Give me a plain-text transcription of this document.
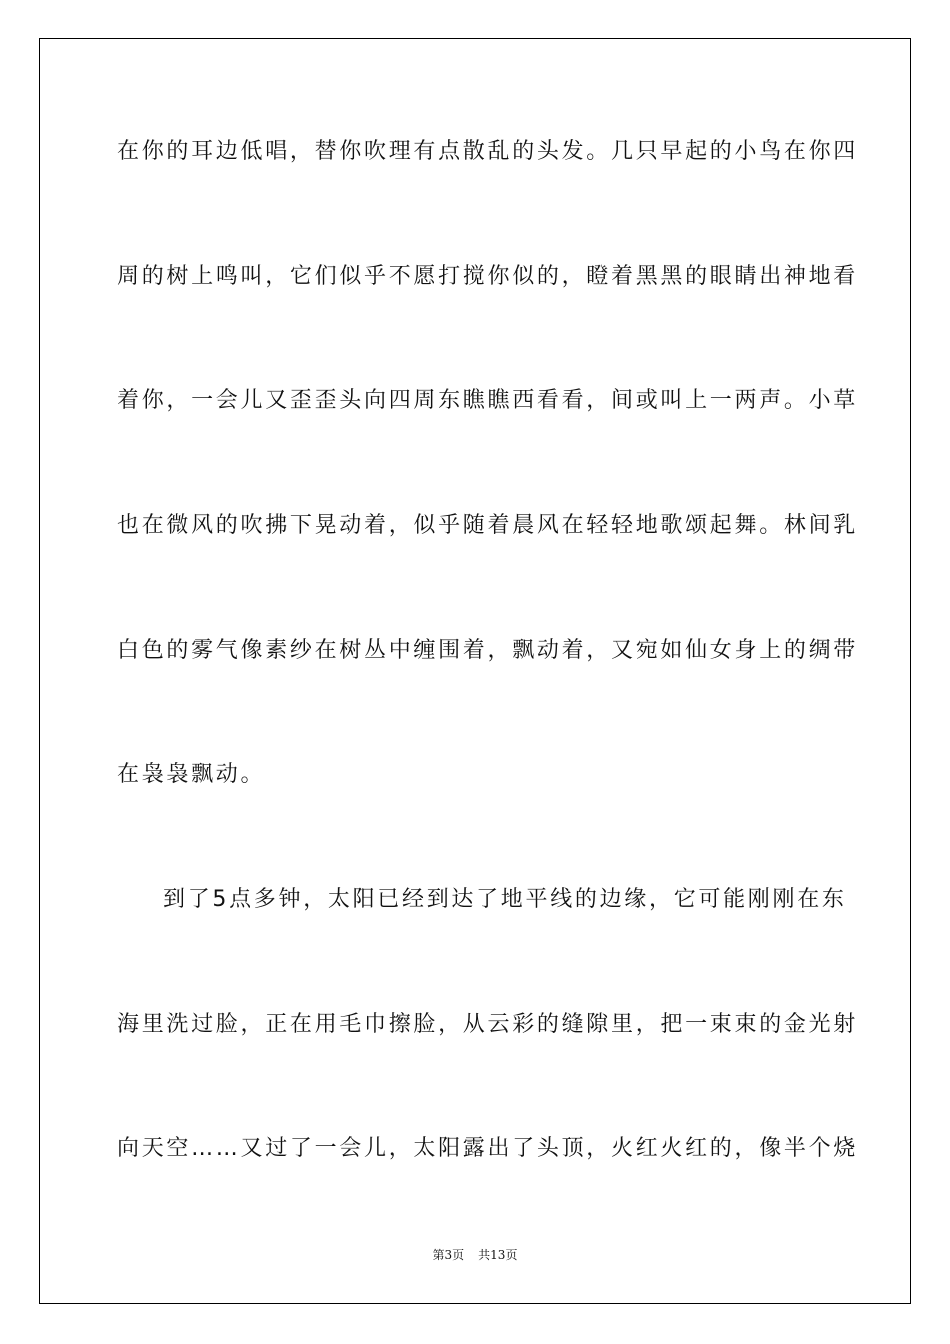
在你的耳边低唱，替你吹理有点散乱的头发。几只早起的小鸟在你四

周的树上鸣叫，它们似乎不愿打搅你似的，瞪着黑黑的眼睛出神地看

着你，一会儿又歪歪头向四周东瞧瞧西看看，间或叫上一两声。小草

也在微风的吹拂下晃动着，似乎随着晨风在轻轻地歌颂起舞。林间乳

白色的雾气像素纱在树丛中缠围着，飘动着，又宛如仙女身上的绸带

在袅袅飘动。

到了5点多钟，太阳已经到达了地平线的边缘，它可能刚刚在东

海里洗过脸，正在用毛巾擦脸，从云彩的缝隙里，把一束束的金光射

向天空……又过了一会儿，太阳露出了头顶，火红火红的，像半个烧

第3页 共13页
